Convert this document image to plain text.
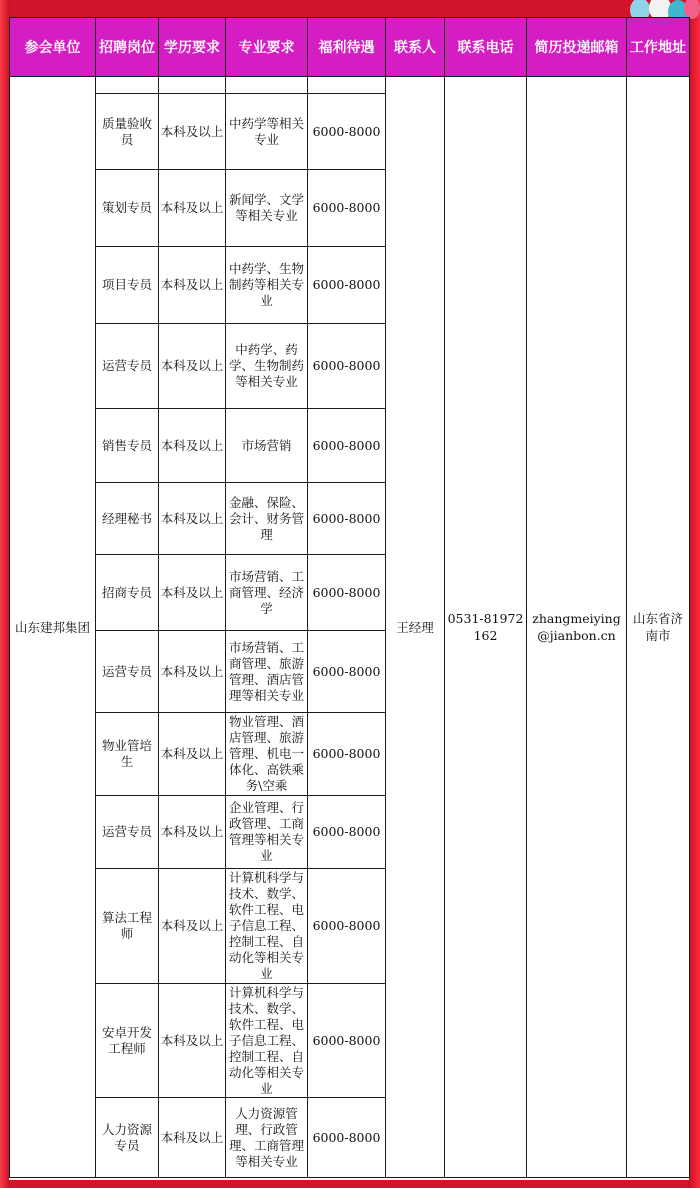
参会单位	招聘岗位	学历要求	专业要求	福利待遇	联系人	联系电话	简历投递邮箱	工作地址
山东建邦集团					王经理	0531-81972162	zhangmeiying@jianbon.cn	山东省济南市
	质量验收员	本科及以上	中药学等相关专业	6000-8000				
	策划专员	本科及以上	新闻学、文学等相关专业	6000-8000				
	项目专员	本科及以上	中药学、生物制药等相关专业	6000-8000				
	运营专员	本科及以上	中药学、药学、生物制药等相关专业	6000-8000				
	销售专员	本科及以上	市场营销	6000-8000				
	经理秘书	本科及以上	金融、保险、会计、财务管理	6000-8000				
	招商专员	本科及以上	市场营销、工商管理、经济学	6000-8000				
	运营专员	本科及以上	市场营销、工商管理、旅游管理、酒店管理等相关专业	6000-8000				
	物业管培生	本科及以上	物业管理、酒店管理、旅游管理、机电一体化、高铁乘务\空乘	6000-8000				
	运营专员	本科及以上	企业管理、行政管理、工商管理等相关专业	6000-8000				
	算法工程师	本科及以上	计算机科学与技术、数学、软件工程、电子信息工程、控制工程、自动化等相关专业	6000-8000				
	安卓开发工程师	本科及以上	计算机科学与技术、数学、软件工程、电子信息工程、控制工程、自动化等相关专业	6000-8000				
	人力资源专员	本科及以上	人力资源管理、行政管理、工商管理等相关专业	6000-8000				
